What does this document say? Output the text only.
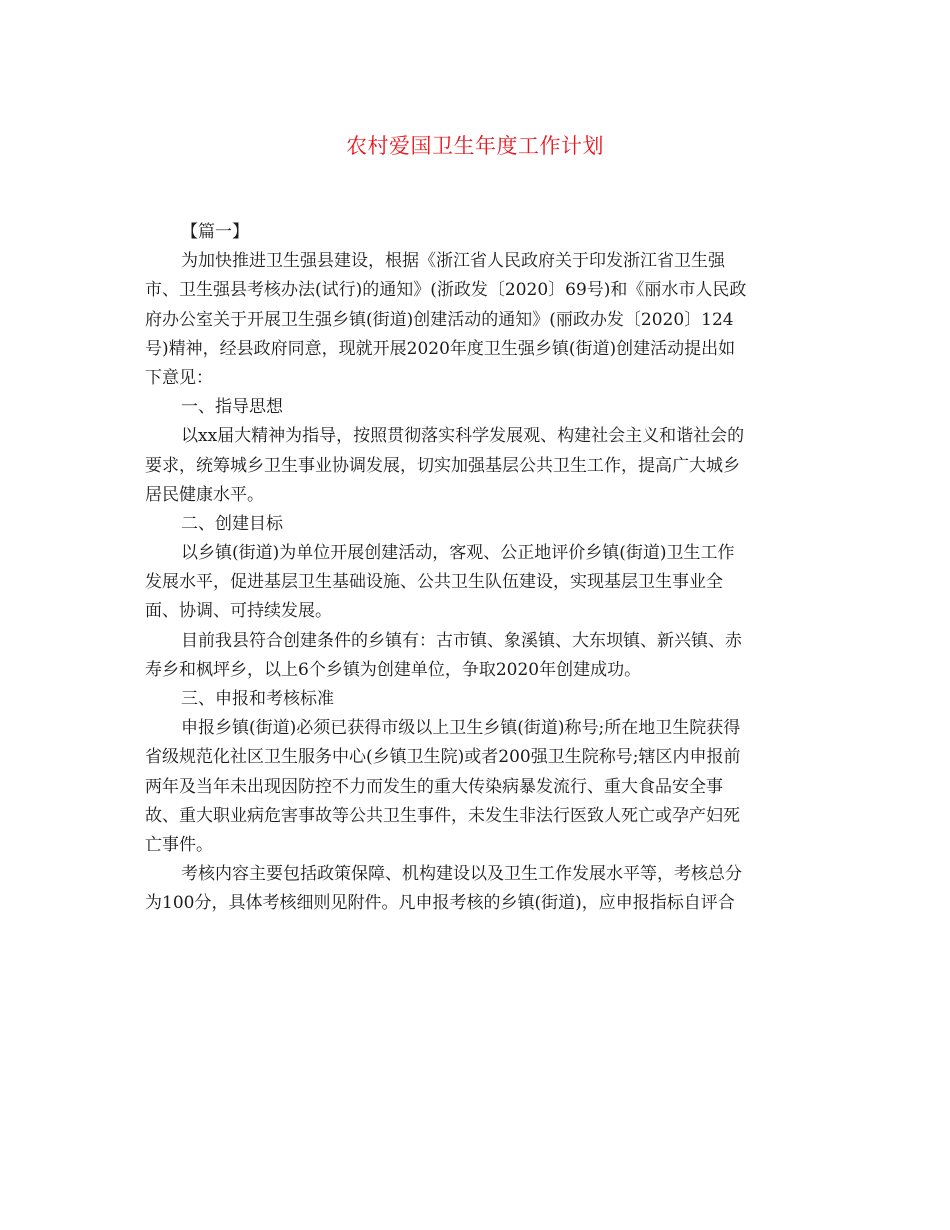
农村爱国卫生年度工作计划
【篇一】
为加快推进卫生强县建设，根据《浙江省人民政府关于印发浙江省卫生强
市、卫生强县考核办法(试行)的通知》(浙政发〔2020〕69号)和《丽水市人民政
府办公室关于开展卫生强乡镇(街道)创建活动的通知》(丽政办发〔2020〕124
号)精神，经县政府同意，现就开展2020年度卫生强乡镇(街道)创建活动提出如
下意见：
一、指导思想
以xx届大精神为指导，按照贯彻落实科学发展观、构建社会主义和谐社会的
要求，统筹城乡卫生事业协调发展，切实加强基层公共卫生工作，提高广大城乡
居民健康水平。
二、创建目标
以乡镇(街道)为单位开展创建活动，客观、公正地评价乡镇(街道)卫生工作
发展水平，促进基层卫生基础设施、公共卫生队伍建设，实现基层卫生事业全
面、协调、可持续发展。
目前我县符合创建条件的乡镇有：古市镇、象溪镇、大东坝镇、新兴镇、赤
寿乡和枫坪乡，以上6个乡镇为创建单位，争取2020年创建成功。
三、申报和考核标准
申报乡镇(街道)必须已获得市级以上卫生乡镇(街道)称号;所在地卫生院获得
省级规范化社区卫生服务中心(乡镇卫生院)或者200强卫生院称号;辖区内申报前
两年及当年未出现因防控不力而发生的重大传染病暴发流行、重大食品安全事
故、重大职业病危害事故等公共卫生事件，未发生非法行医致人死亡或孕产妇死
亡事件。
考核内容主要包括政策保障、机构建设以及卫生工作发展水平等，考核总分
为100分，具体考核细则见附件。凡申报考核的乡镇(街道)，应申报指标自评合
